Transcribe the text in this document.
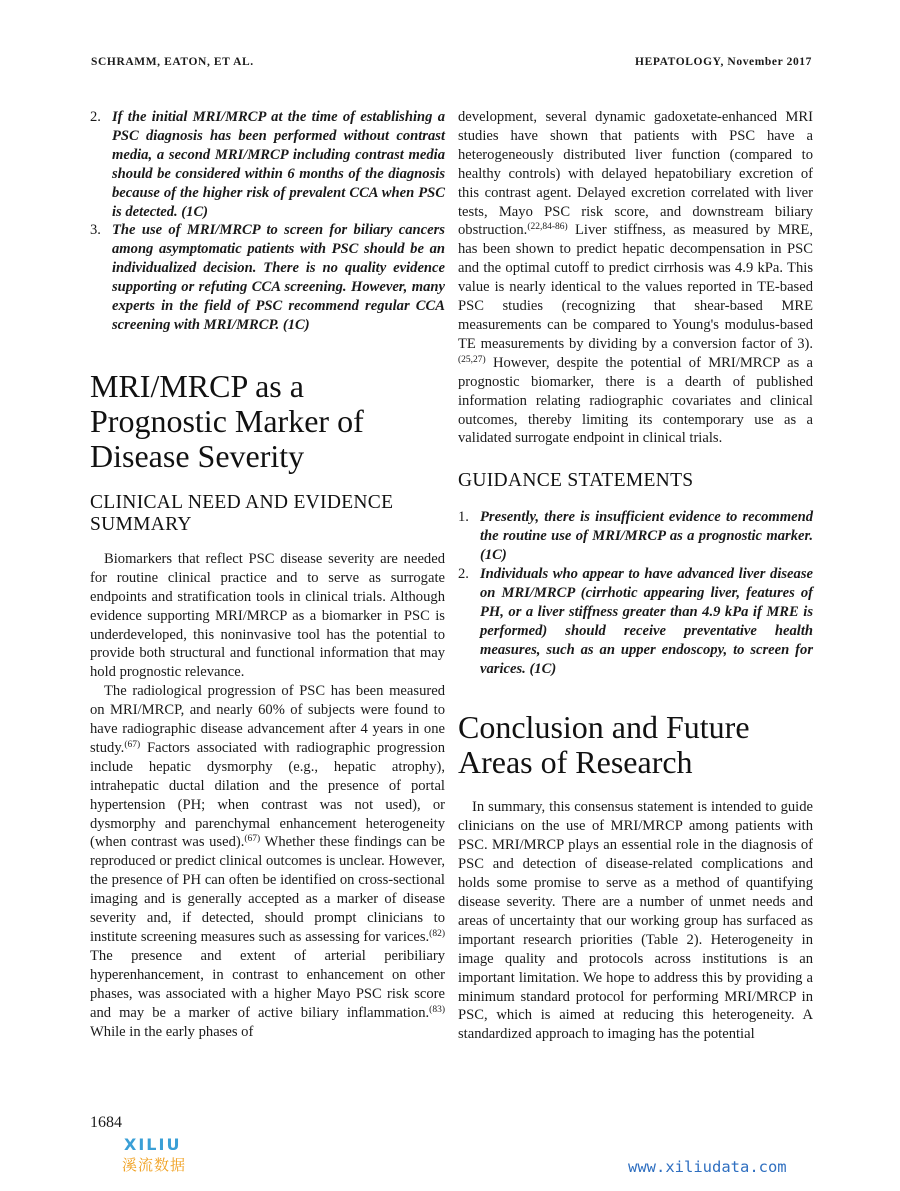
SCHRAMM, EATON, ET AL.	HEPATOLOGY, November 2017
2. If the initial MRI/MRCP at the time of establishing a PSC diagnosis has been performed without contrast media, a second MRI/MRCP including contrast media should be considered within 6 months of the diagnosis because of the higher risk of prevalent CCA when PSC is detected. (1C)
3. The use of MRI/MRCP to screen for biliary cancers among asymptomatic patients with PSC should be an individualized decision. There is no quality evidence supporting or refuting CCA screening. However, many experts in the field of PSC recommend regular CCA screening with MRI/MRCP. (1C)
MRI/MRCP as a Prognostic Marker of Disease Severity
CLINICAL NEED AND EVIDENCE SUMMARY

Biomarkers that reflect PSC disease severity are needed for routine clinical practice and to serve as surrogate endpoints and stratification tools in clinical trials. Although evidence supporting MRI/MRCP as a biomarker in PSC is underdeveloped, this noninvasive tool has the potential to provide both structural and functional information that may hold prognostic relevance.

The radiological progression of PSC has been measured on MRI/MRCP, and nearly 60% of subjects were found to have radiographic disease advancement after 4 years in one study.$^{(67)}$ Factors associated with radiographic progression include hepatic dysmorphy (e.g., hepatic atrophy), intrahepatic ductal dilation and the presence of portal hypertension (PH; when contrast was not used), or dysmorphy and parenchymal enhancement heterogeneity (when contrast was used).$^{(67)}$ Whether these findings can be reproduced or predict clinical outcomes is unclear. However, the presence of PH can often be identified on cross-sectional imaging and is generally accepted as a marker of disease severity and, if detected, should prompt clinicians to institute screening measures such as assessing for varices.$^{(82)}$ The presence and extent of arterial peribiliary hyperenhancement, in contrast to enhancement on other phases, was associated with a higher Mayo PSC risk score and may be a marker of active biliary inflammation.$^{(83)}$ While in the early phases of

development, several dynamic gadoxetate-enhanced MRI studies have shown that patients with PSC have a heterogeneously distributed liver function (compared to healthy controls) with delayed hepatobiliary excretion of this contrast agent. Delayed excretion correlated with liver tests, Mayo PSC risk score, and downstream biliary obstruction.$^{(22,84-86)}$ Liver stiffness, as measured by MRE, has been shown to predict hepatic decompensation in PSC and the optimal cutoff to predict cirrhosis was 4.9 kPa. This value is nearly identical to the values reported in TE-based PSC studies (recognizing that shear-based MRE measurements can be compared to Young's modulus-based TE measurements by dividing by a conversion factor of 3).$^{(25,27)}$ However, despite the potential of MRI/MRCP as a prognostic biomarker, there is a dearth of published information relating radiographic covariates and clinical outcomes, thereby limiting its contemporary use as a validated surrogate endpoint in clinical trials.

GUIDANCE STATEMENTS
1. Presently, there is insufficient evidence to recommend the routine use of MRI/MRCP as a prognostic marker. (1C)
2. Individuals who appear to have advanced liver disease on MRI/MRCP (cirrhotic appearing liver, features of PH, or a liver stiffness greater than 4.9 kPa if MRE is performed) should receive preventative health measures, such as an upper endoscopy, to screen for varices. (1C)
Conclusion and Future Areas of Research

In summary, this consensus statement is intended to guide clinicians on the use of MRI/MRCP among patients with PSC. MRI/MRCP plays an essential role in the diagnosis of PSC and detection of disease-related complications and holds some promise to serve as a method of quantifying disease severity. There are a number of unmet needs and areas of uncertainty that our working group has surfaced as important research priorities (Table 2). Heterogeneity in image quality and protocols across institutions is an important limitation. We hope to address this by providing a minimum standard protocol for performing MRI/MRCP in PSC, which is aimed at reducing this heterogeneity. A standardized approach to imaging has the potential

1684
XILIU
溪流数据	www.xiliudata.com
